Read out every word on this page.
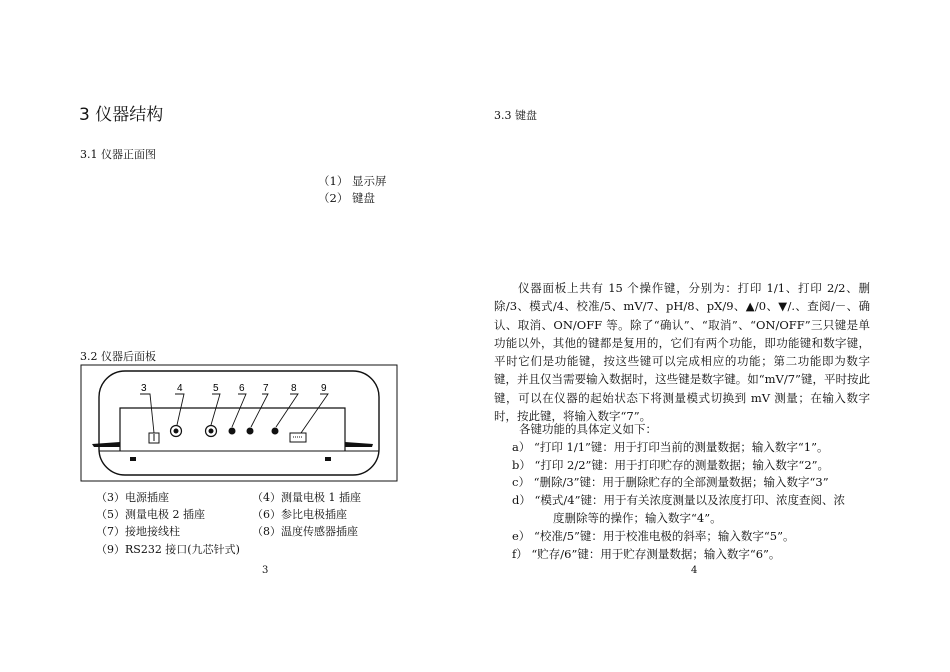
3 仪器结构
3.1 仪器正面图
（1） 显示屏
（2） 键盘
3.2 仪器后面板
3	4	5 6 7 8 9
（3）电源插座	（4）测量电极 1 插座
（5）测量电极 2 插座	（6）参比电极插座
（7）接地接线柱	（8）温度传感器插座
（9）RS232 接口(九芯针式)
3
3.3 键盘
仪器面板上共有 15 个操作键，分别为：打印 1/1、打印 2/2、删除/3、模式/4、校准/5、mV/7、pH/8、pX/9、▲/0、▼/.、查阅/－、确认、取消、ON/OFF 等。除了“确认”、“取消”、“ON/OFF”三只键是单功能以外，其他的键都是复用的，它们有两个功能，即功能键和数字键，平时它们是功能键，按这些键可以完成相应的功能；第二功能即为数字键，并且仅当需要输入数据时，这些键是数字键。如“mV/7”键，平时按此键，可以在仪器的起始状态下将测量模式切换到 mV 测量；在输入数字时，按此键，将输入数字“7”。
各键功能的具体定义如下：
a） “打印 1/1”键：用于打印当前的测量数据；输入数字“1”。
b） “打印 2/2”键：用于打印贮存的测量数据；输入数字“2”。
c） “删除/3”键：用于删除贮存的全部测量数据；输入数字“3”
d） “模式/4”键：用于有关浓度测量以及浓度打印、浓度查阅、浓
度删除等的操作；输入数字“4”。
e） “校准/5”键：用于校准电极的斜率；输入数字“5”。
f） “贮存/6”键：用于贮存测量数据；输入数字“6”。
4
